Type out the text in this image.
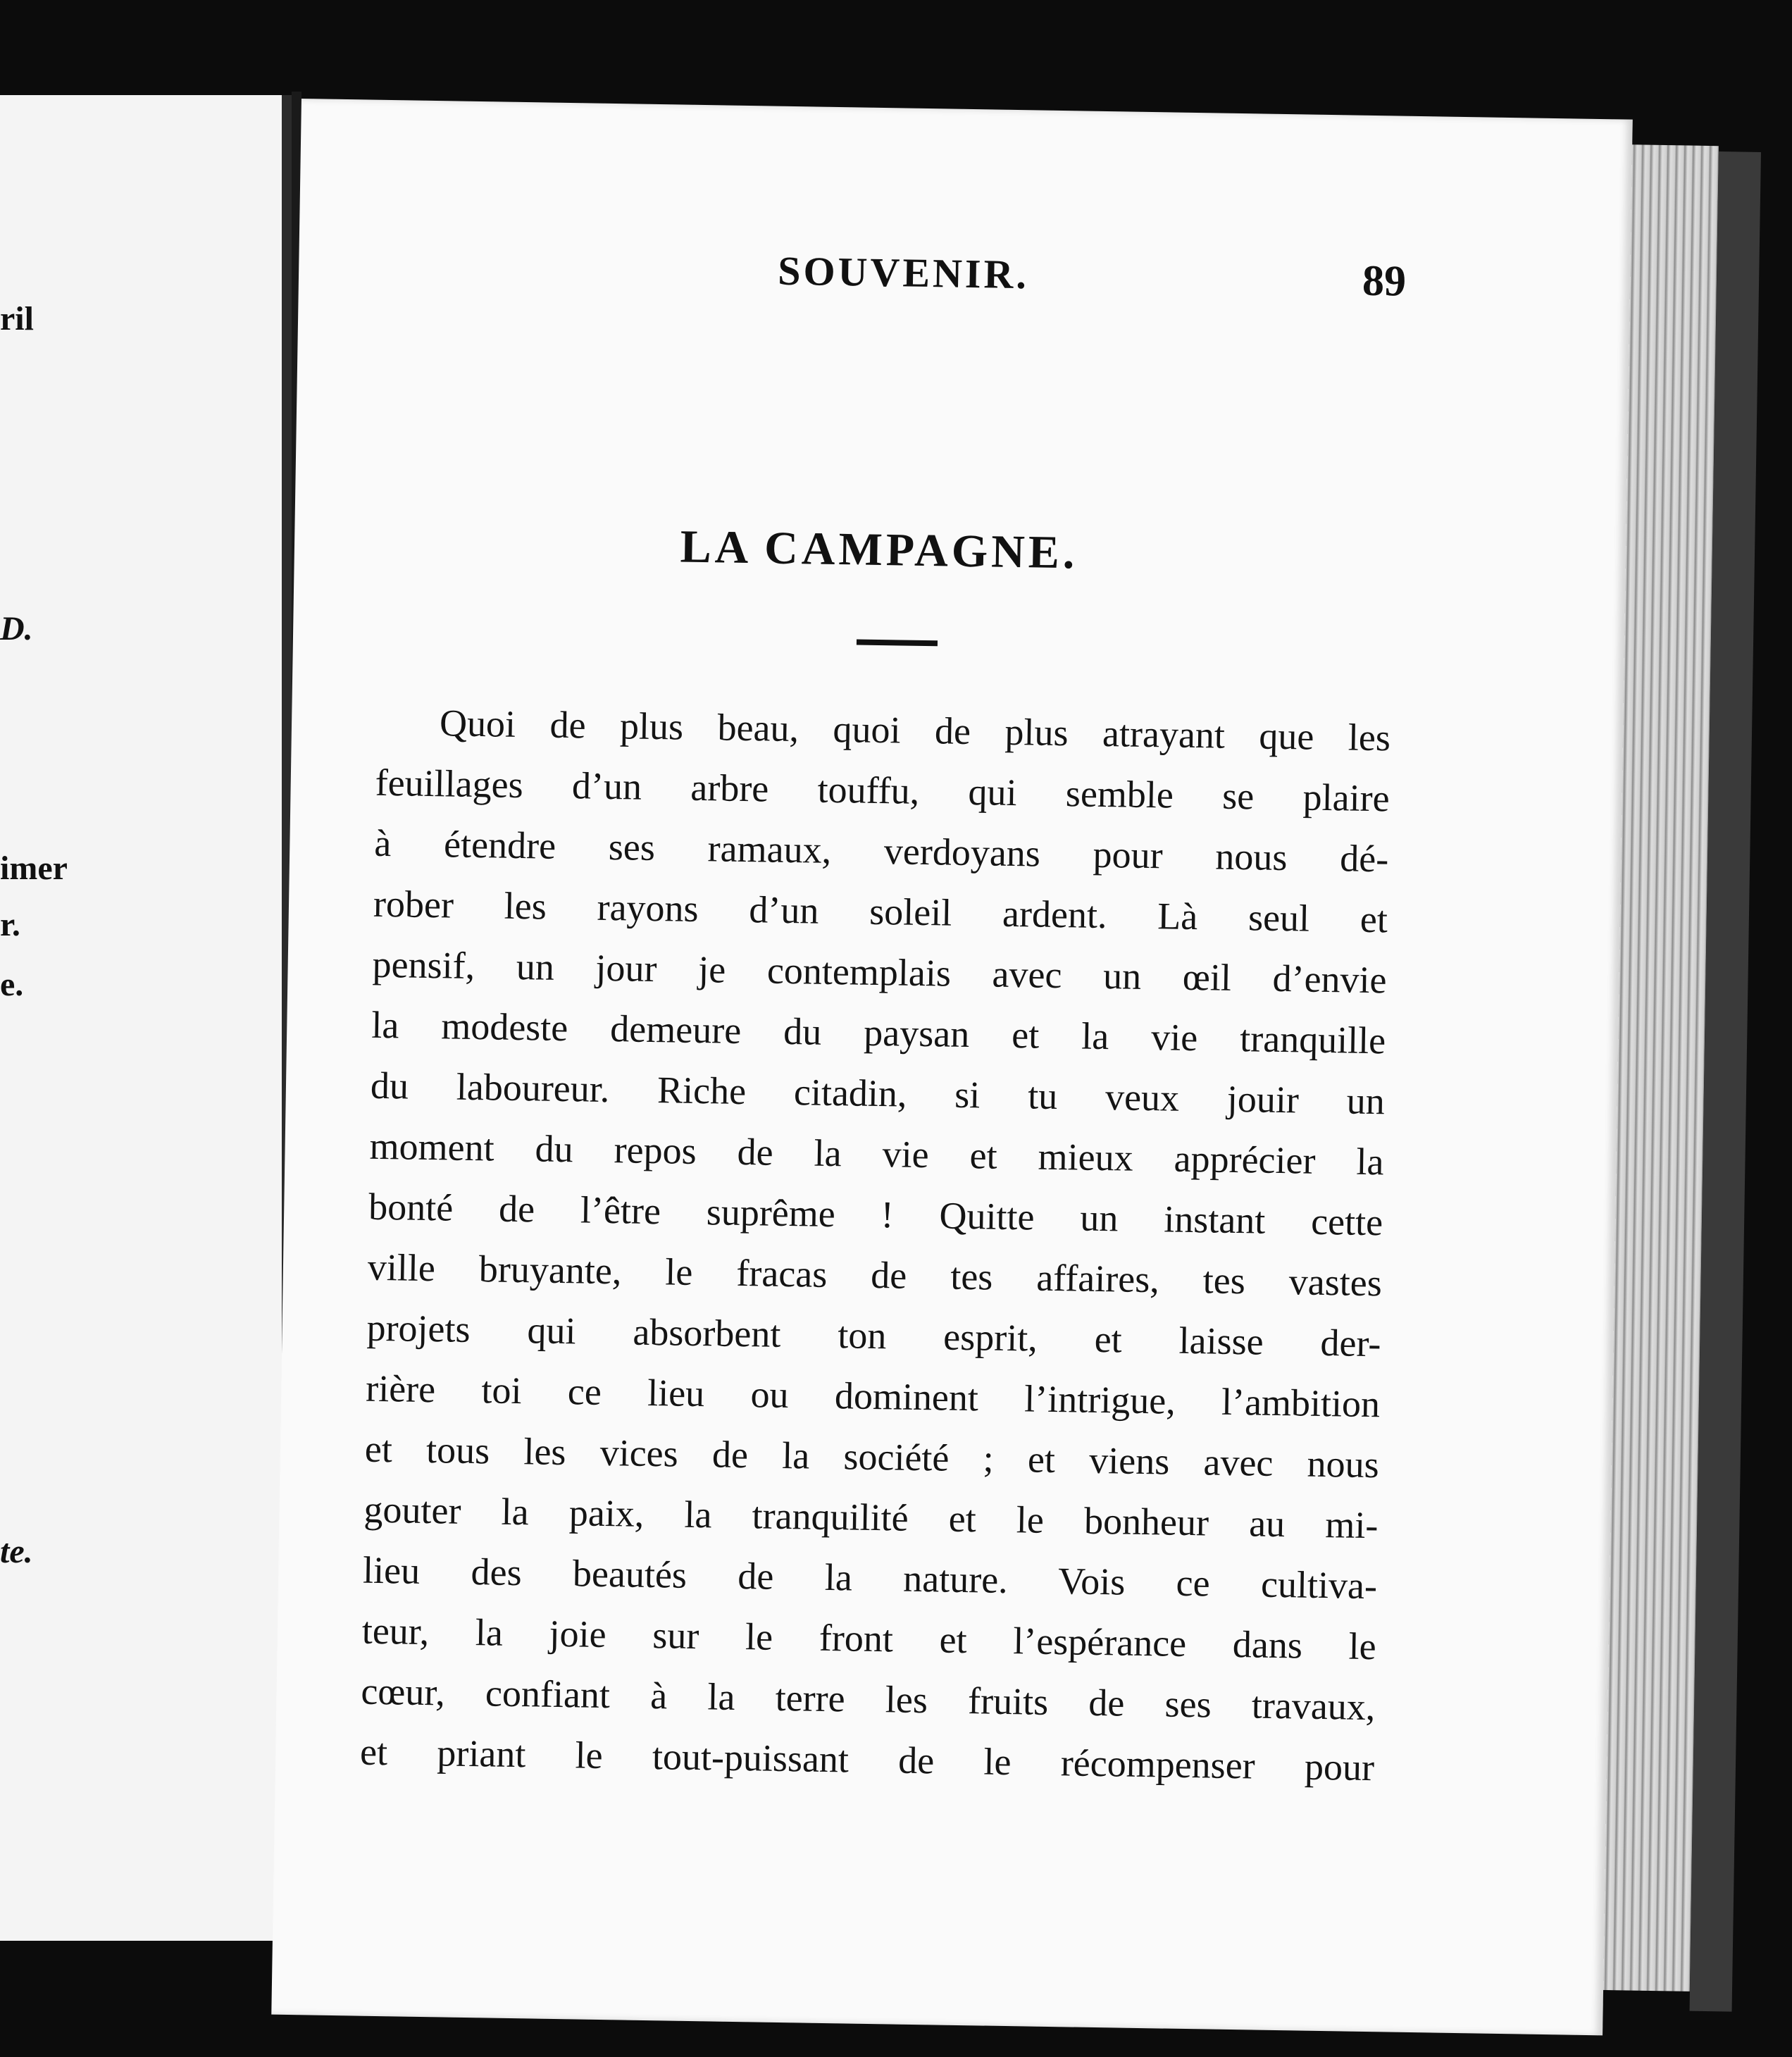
ril
D.
imer
r.
e.
te.
SOUVENIR.	89
LA CAMPAGNE.
Quoi de plus beau, quoi de plus atrayant que les
feuillages d’un arbre touffu, qui semble se plaire
à étendre ses ramaux, verdoyans pour nous dé-
rober les rayons d’un soleil ardent. Là seul et
pensif, un jour je contemplais avec un œil d’envie
la modeste demeure du paysan et la vie tranquille
du laboureur. Riche citadin, si tu veux jouir un
moment du repos de la vie et mieux apprécier la
bonté de l’être suprême ! Quitte un instant cette
ville bruyante, le fracas de tes affaires, tes vastes
projets qui absorbent ton esprit, et laisse der-
rière toi ce lieu ou dominent l’intrigue, l’ambition
et tous les vices de la société ; et viens avec nous
gouter la paix, la tranquilité et le bonheur au mi-
lieu des beautés de la nature. Vois ce cultiva-
teur, la joie sur le front et l’espérance dans le
cœur, confiant à la terre les fruits de ses travaux,
et priant le tout-puissant de le récompenser pour
